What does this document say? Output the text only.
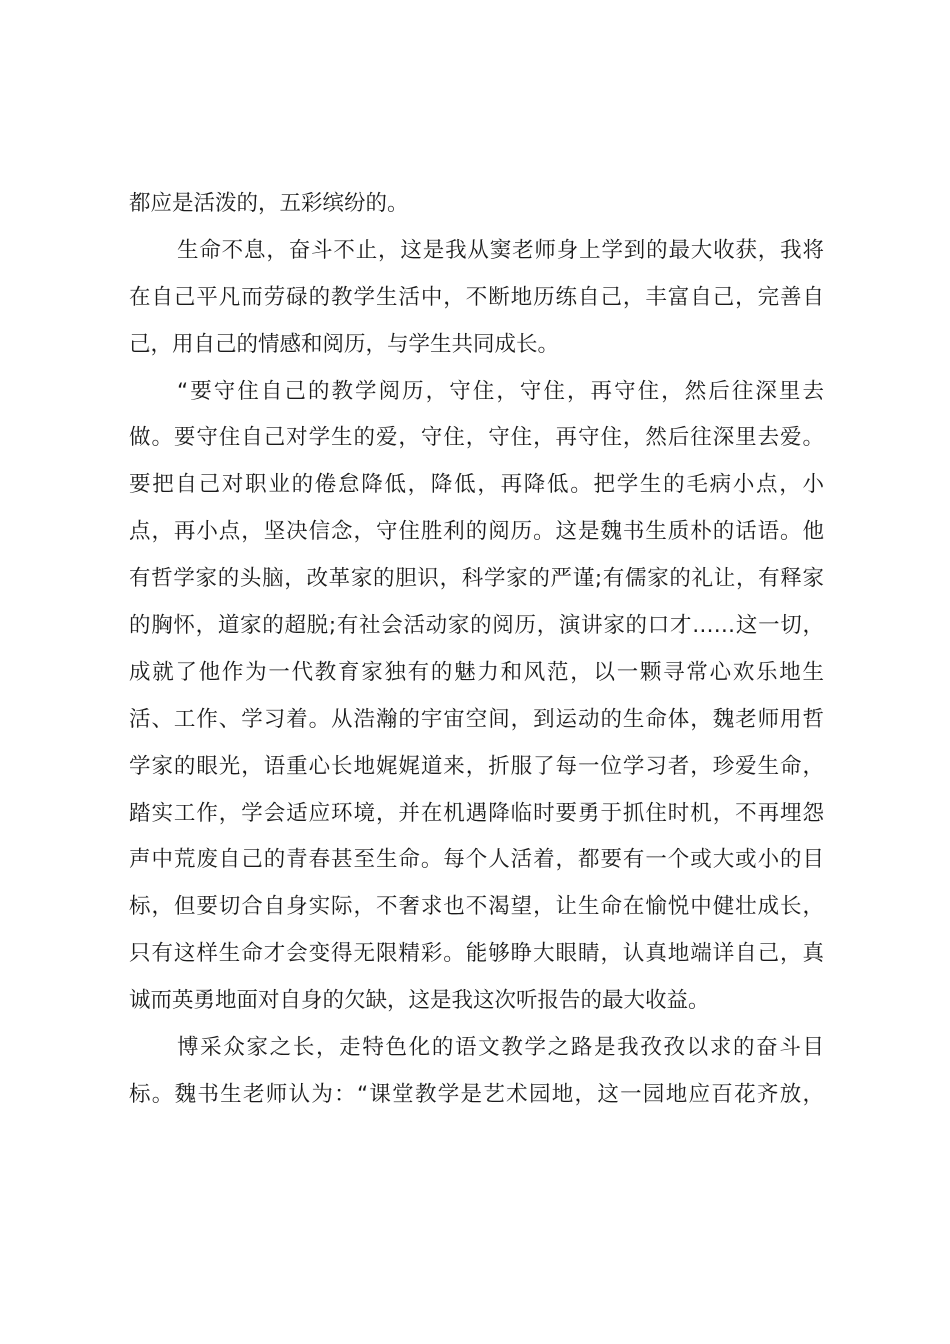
都应是活泼的，五彩缤纷的。
生命不息，奋斗不止，这是我从窦老师身上学到的最大收获，我将
在自己平凡而劳碌的教学生活中，不断地历练自己，丰富自己，完善自
己，用自己的情感和阅历，与学生共同成长。
“要守住自己的教学阅历，守住，守住，再守住，然后往深里去
做。要守住自己对学生的爱，守住，守住，再守住，然后往深里去爱。
要把自己对职业的倦怠降低，降低，再降低。把学生的毛病小点，小
点，再小点，坚决信念，守住胜利的阅历。这是魏书生质朴的话语。他
有哲学家的头脑，改革家的胆识，科学家的严谨;有儒家的礼让，有释家
的胸怀，道家的超脱;有社会活动家的阅历，演讲家的口才……这一切，
成就了他作为一代教育家独有的魅力和风范，以一颗寻常心欢乐地生
活、工作、学习着。从浩瀚的宇宙空间，到运动的生命体，魏老师用哲
学家的眼光，语重心长地娓娓道来，折服了每一位学习者，珍爱生命，
踏实工作，学会适应环境，并在机遇降临时要勇于抓住时机，不再埋怨
声中荒废自己的青春甚至生命。每个人活着，都要有一个或大或小的目
标，但要切合自身实际，不奢求也不渴望，让生命在愉悦中健壮成长，
只有这样生命才会变得无限精彩。能够睁大眼睛，认真地端详自己，真
诚而英勇地面对自身的欠缺，这是我这次听报告的最大收益。
博采众家之长，走特色化的语文教学之路是我孜孜以求的奋斗目
标。魏书生老师认为：“课堂教学是艺术园地，这一园地应百花齐放，
